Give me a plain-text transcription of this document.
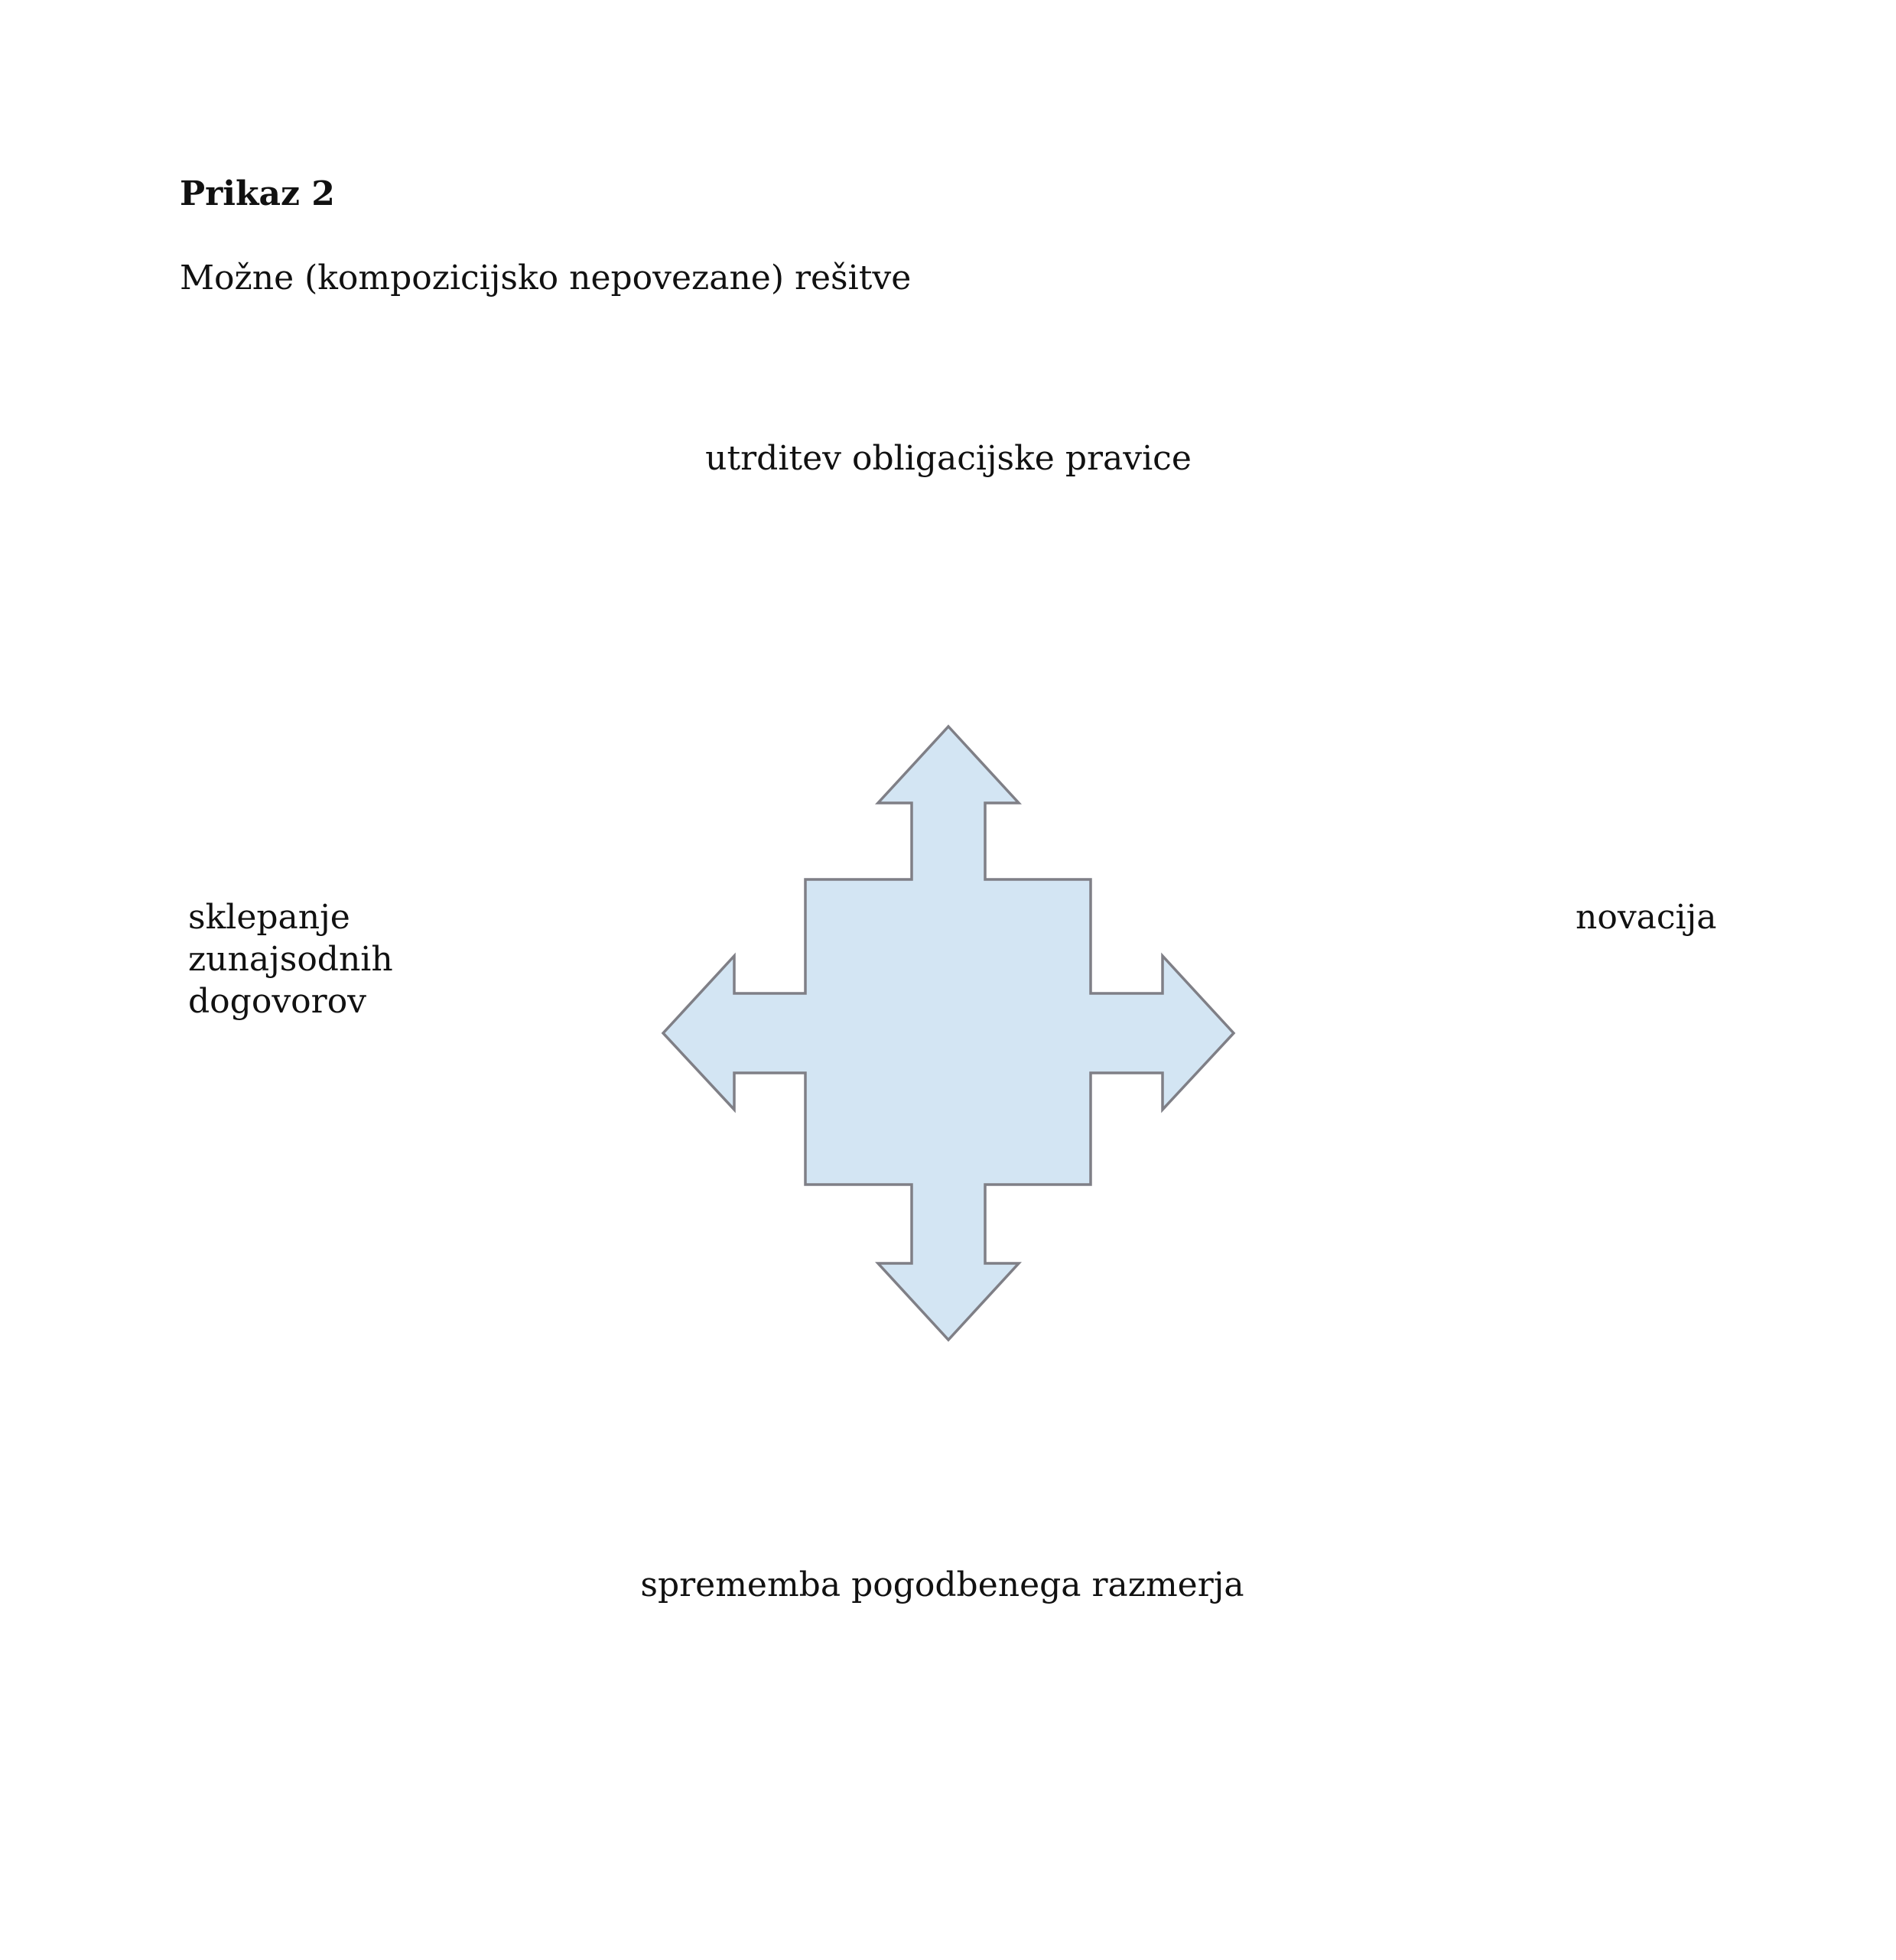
Prikaz 2

Možne (kompozicijsko nepovezane) rešitve

utrditev obligacijske pravice
sklepanje
zunajsodnih
dogovorov
novacija
sprememba pogodbenega razmerja
